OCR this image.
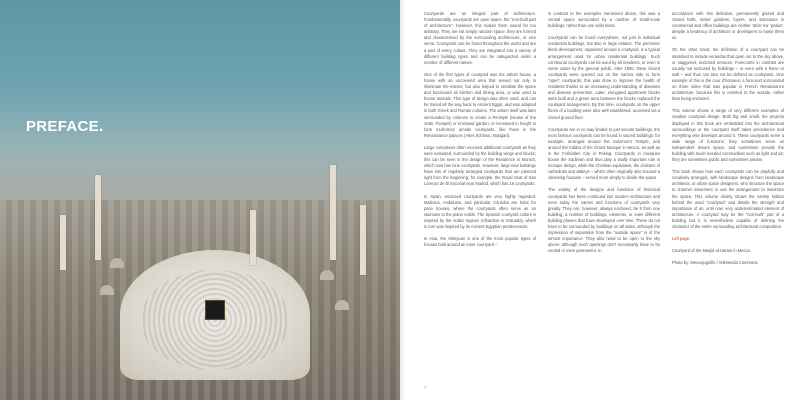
PREFACE.

Courtyards are an integral part of architecture. Fundamentally, courtyards are open space, the “non-built part of architecture”. However, this makes them sound far too arbitrary. They are not simply random space; they are formed and characterized by the surrounding architecture, or vice versa. Courtyards can be found throughout the world and are a part of every culture. They are integrated into a variety of different building types and can be categorized under a number of different names.

One of the first types of courtyard was the atrium house, a house with an uncovered area that served not only to illuminate the interior, but also helped to ventilate the space and functioned as kitchen and dining area, or was used to house animals. This type of design was often used, and can be traced all the way back to Ancient Egypt, and was adopted in both Greek and Roman cultures. The atrium itself was later surrounded by columns to create a Peristyle (House of the Vettii, Pompeii) or enclosed garden; or increased in height to form multi-story arcade courtyards, like those in the Renaissance palaces (Altes Schloss, Stuttgart).

Large complexes often received additional courtyards as they were extended, surrounded by the building wings and blocks; this can be seen in the design of the Residence in Munich, which now has nine courtyards. However, large new buildings have lots of regularly arranged courtyards that are planned right from the beginning; for example, the Royal Seat of San Lorenzo de El Escorial near Madrid, which has 16 courtyards.

In Spain, enclosed courtyards are very highly regarded: Mallorca, Andalusia, and particular Córdoba are hubs for patio houses, where the courtyards often serve as an staircase to the piano nobile. The Spanish courtyard culture is inspired by the Arabic regions (Alhambra in Granada), which in turn was inspired by its Ancient Egyptian predecessors.

In Asia, the Siheyuan is one of the most popular types of houses built around an inner courtyard –

in contrast to the examples mentioned above, this was a central space surrounded by a number of small-scale buildings, rather than one solid mass.

Courtyards can be found everywhere, not just in individual residential buildings, but also in large estates. The perimeter block development, organized around a courtyard, is a typical arrangement used for urban residential buildings. Such communal courtyards can be used by all residents, or even in some cases by the general public. After 1900, these closed courtyards were opened out on the narrow side to form “open” courtyards; this was done to improve the health of residents thanks to an increasing understanding of diseases and disease prevention. Later, elongated apartment blocks were built and a green area between the blocks replaced the courtyard arrangement. By this time, courtyards on the upper floors of a building were also well established, accessed via a closed ground floor.

Courtyards are in no way limited to just secular buildings, the most famous courtyards can be found in sacred buildings: for example, arranged around the Solomon’s Temple, and around the Kabba of the Grand Mosque in Mecca, as well as in the Forbidden City in Peking. Courtyards in mosques house the Sadirvan and thus play a vitally important role in mosque design, while the Christian equivalent, the cloisters of cathedrals and abbeys – which often originally also housed a cleansing fountain – served more simply to divide the space.

The variety of the designs and functions of historical courtyards has been continued into modern architecture and even today the names and functions of courtyards vary greatly. They are, however, always enclosed, be it from one building, a number of buildings, elements, or even different building phases that have developed over time. These do not have to be surrounded by buildings on all sides, although the impression of separation from the “outside space” is of the utmost importance. They also need to be open to the sky above: although such openings don’t necessarily have to be central or even permanent. In

accordance with this definition, permanently glazed and closed halls, winter gardens, foyers, and staircases in commercial and office buildings are neither ‘atria’ nor ‘patios’, despite a tendency of architects or developers to name them so.

On the other hand, the definition of a courtyard can be stretched to include verandas that open out to the sky above, or staggered, enclosed terraces. Forecourts in contrast are usually not enclosed by buildings – or even with a fence or wall – and thus can also not be defined as courtyards. One example of this is the cour d’honneur, a forecourt surrounded on three sides that was popular in French Renaissance architecture, because this is oriented to the outside, rather than being enclosed.

This volume shows a range of very different examples of creative courtyard design. Both big and small, the projects displayed in this book are embedded into the architectural surroundings or the courtyard itself takes precedence and everything else develops around it. These courtyards serve a wide range of functions: they sometimes serve as independent leisure space, and sometimes provide the building with much needed commodities such as light and air; they are sometimes public and sometimes private.

This book shows how each courtyards can be playfully and creatively arranged, with landscape designs from landscape architects, or urban space designers, who structure the space to channel movement or use the arrangement to maximize the space. This volume clearly shows the variety hidden behind the word “courtyard” and details the strength and importance of an, until now, very underestimated element of architecture. A courtyard may be the “non-built” part of a building but it is nevertheless capable of defining the character of the entire surrounding architectural composition.

Left page:

Courtyard of the Masjid al-Haram in Mecca

Photo by: Mecovjoginfin / Wikimedia Commons.

7
